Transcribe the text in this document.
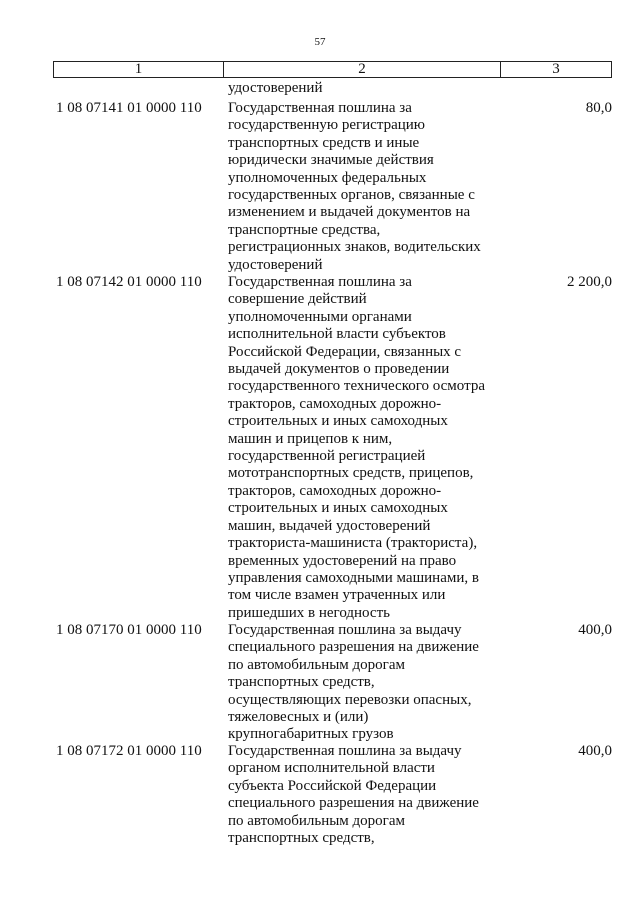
57
1	2	3
удостоверений
1 08 07141 01 0000 110 Государственная пошлина за
государственную регистрацию
транспортных средств и иные
юридически значимые действия
уполномоченных федеральных
государственных органов, связанные с
изменением и выдачей документов на
транспортные средства,
регистрационных знаков, водительских
удостоверений
80,0
1 08 07142 01 0000 110 Государственная пошлина за
совершение действий
уполномоченными органами
исполнительной власти субъектов
Российской Федерации, связанных с
выдачей документов о проведении
государственного технического осмотра
тракторов, самоходных дорожно-
строительных и иных самоходных
машин и прицепов к ним,
государственной регистрацией
мототранспортных средств, прицепов,
тракторов, самоходных дорожно-
строительных и иных самоходных
машин, выдачей удостоверений
тракториста-машиниста (тракториста),
временных удостоверений на право
управления самоходными машинами, в
том числе взамен утраченных или
пришедших в негодность
2 200,0
1 08 07170 01 0000 110 Государственная пошлина за выдачу
специального разрешения на движение
по автомобильным дорогам
транспортных средств,
осуществляющих перевозки опасных,
тяжеловесных и (или)
крупногабаритных грузов
400,0
1 08 07172 01 0000 110 Государственная пошлина за выдачу
органом исполнительной власти
субъекта Российской Федерации
специального разрешения на движение
по автомобильным дорогам
транспортных средств,
400,0
